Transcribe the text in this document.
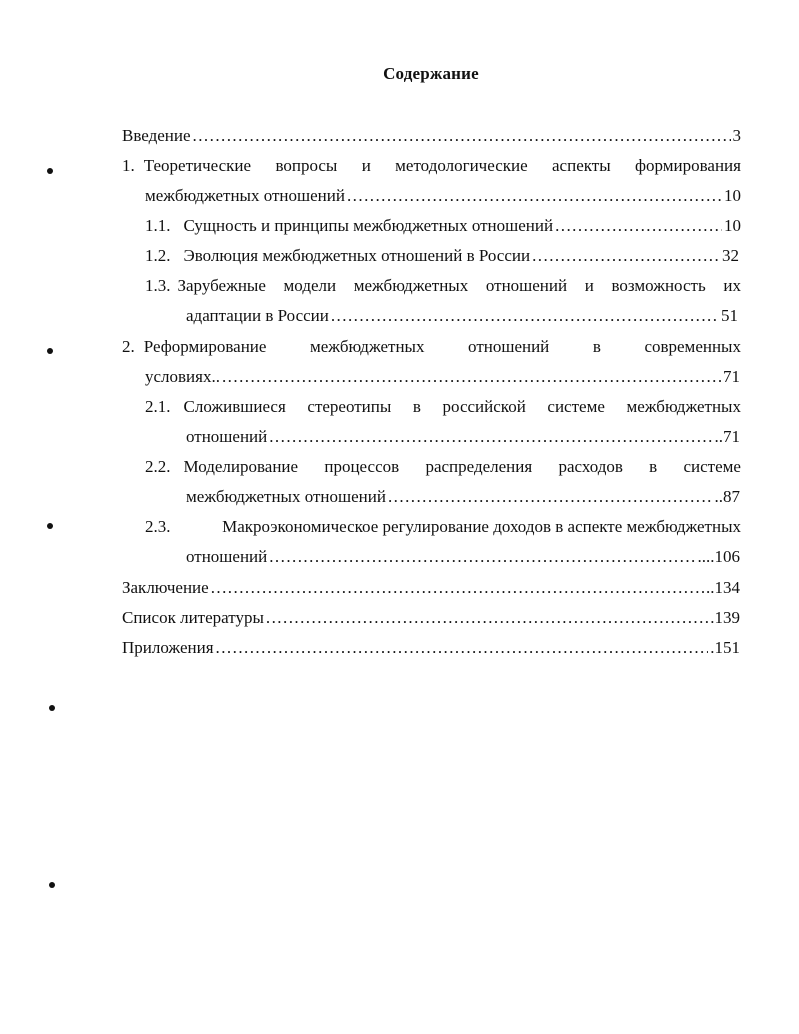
Содержание
Введение . . .	3
1. Теоретические вопросы и методологические аспекты формирования
межбюджетных отношений . . .	10
1.1. Сущность и принципы межбюджетных отношений . . .	10
1.2. Эволюция межбюджетных отношений в России . . .	32
1.3. Зарубежные модели межбюджетных отношений и возможность их
адаптации в России . . .	51
2. Реформирование	межбюджетных	отношений	в	современных
условиях.. . . .	71
2.1. Сложившиеся стереотипы в российской системе межбюджетных
отношений . . .	..71
2.2. Моделирование процессов распределения расходов в системе
межбюджетных отношений . . .	..87
2.3.	Макроэкономическое регулирование доходов в аспекте межбюджетных
отношений . . .	....106
Заключение . . .	..134
Список литературы . . .	.139
Приложения . . .	.151
